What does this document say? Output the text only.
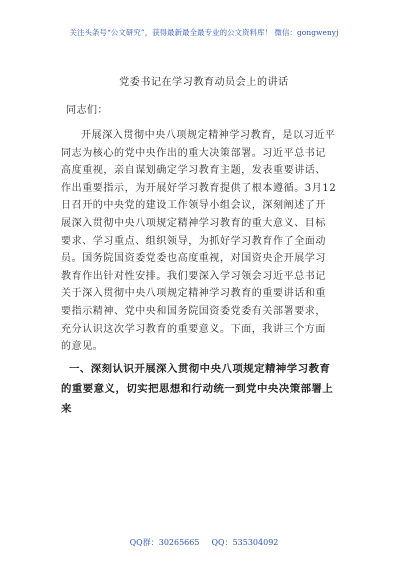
关注头条号“公文研究”，获得最新最全最专业的公文资料库！ 微信：gongwenyj
党委书记在学习教育动员会上的讲话
同志们：
开展深入贯彻中央八项规定精神学习教育，是以习近平
同志为核心的党中央作出的重大决策部署。习近平总书记
高度重视，亲自谋划确定学习教育主题，发表重要讲话、
作出重要指示，为开展好学习教育提供了根本遵循。3月12
日召开的中央党的建设工作领导小组会议，深刻阐述了开
展深入贯彻中央八项规定精神学习教育的重大意义、目标
要求、学习重点、组织领导，为抓好学习教育作了全面动
员。国务院国资委党委也高度重视，对国资央企开展学习
教育作出针对性安排。我们要深入学习领会习近平总书记
关于深入贯彻中央八项规定精神学习教育的重要讲话和重
要指示精神、党中央和国务院国资委党委有关部署要求，
充分认识这次学习教育的重要意义。下面，我讲三个方面
的意见。
一、深刻认识开展深入贯彻中央八项规定精神学习教育
的重要意义，切实把思想和行动统一到党中央决策部署上
来
QQ群：30265665 QQ：535304092
